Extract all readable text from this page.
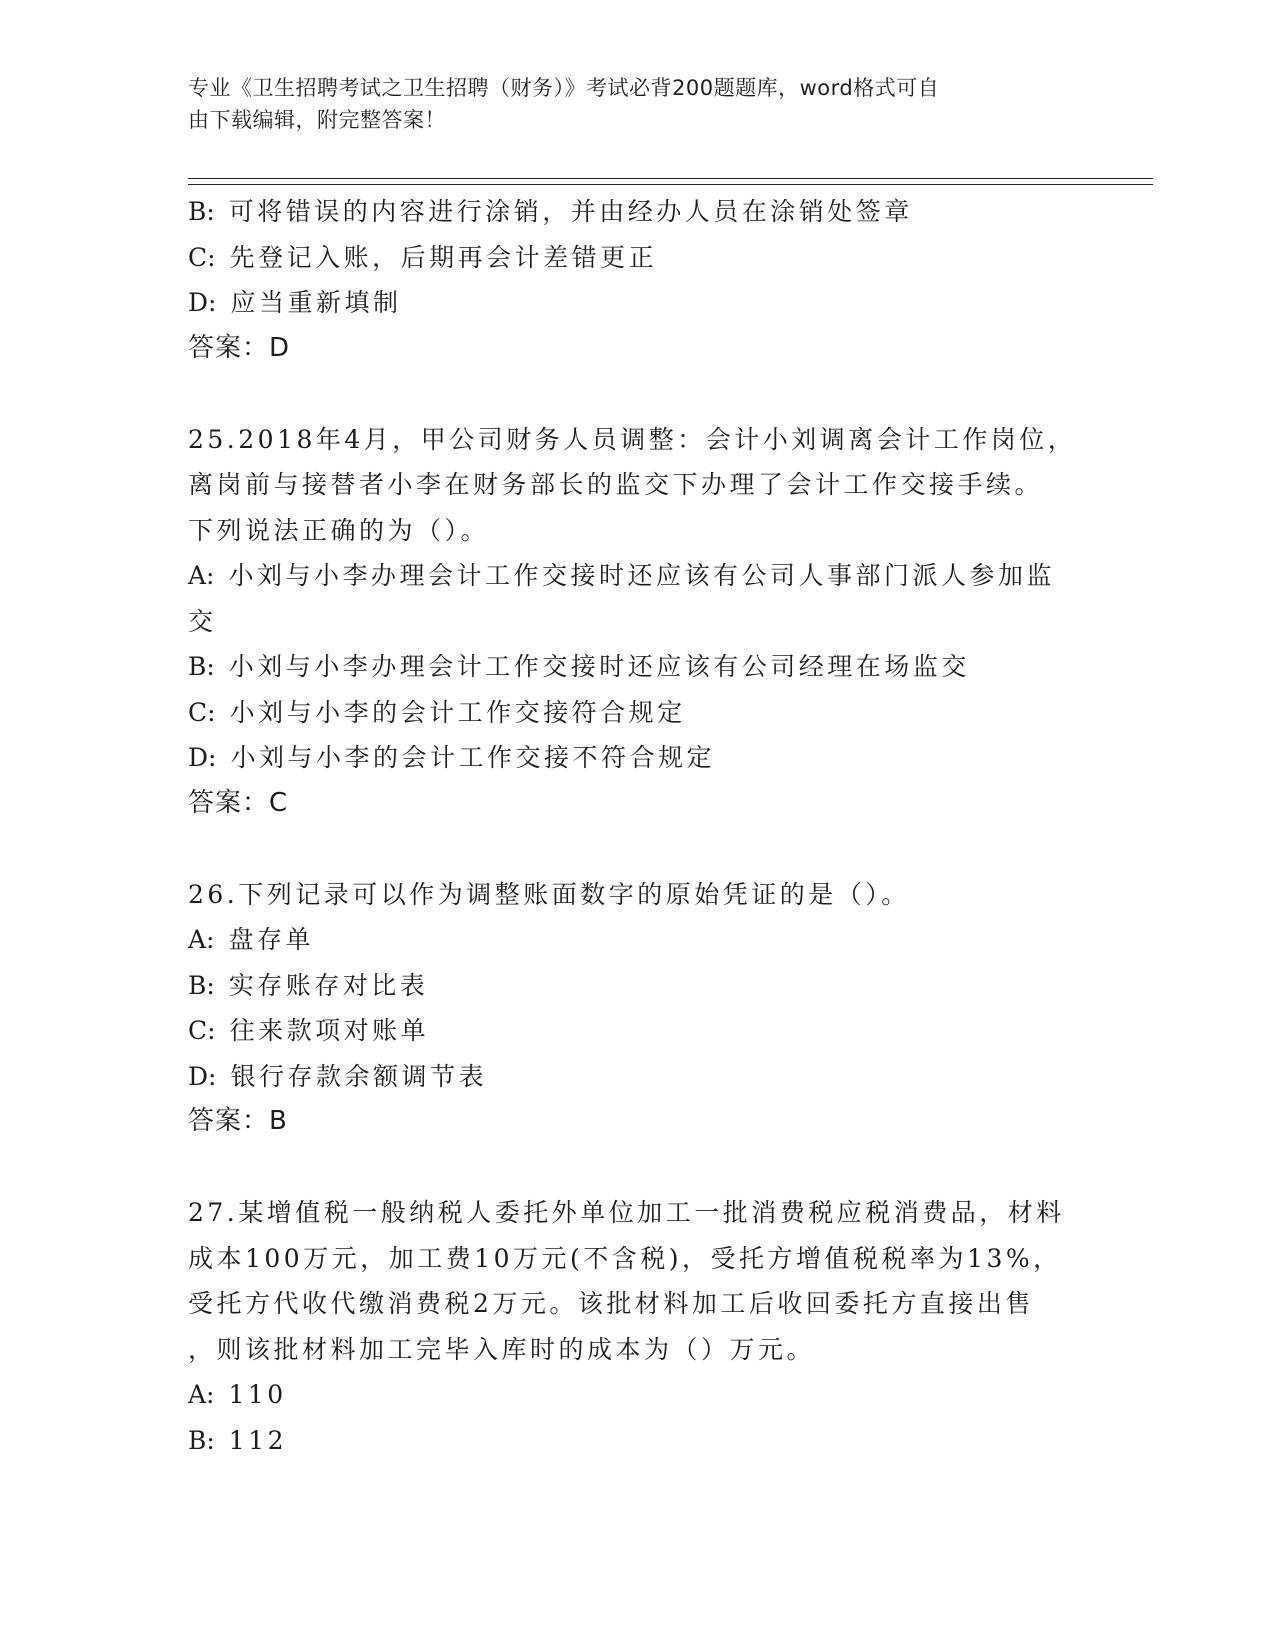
专业《卫生招聘考试之卫生招聘（财务）》考试必背200题题库，word格式可自
由下载编辑，附完整答案！

B: 可将错误的内容进行涂销，并由经办人员在涂销处签章

C: 先登记入账，后期再会计差错更正

D: 应当重新填制

答案：D

25.2018年4月，甲公司财务人员调整：会计小刘调离会计工作岗位，

离岗前与接替者小李在财务部长的监交下办理了会计工作交接手续。

下列说法正确的为（）。

A: 小刘与小李办理会计工作交接时还应该有公司人事部门派人参加监

交

B: 小刘与小李办理会计工作交接时还应该有公司经理在场监交

C: 小刘与小李的会计工作交接符合规定

D: 小刘与小李的会计工作交接不符合规定

答案：C

26.下列记录可以作为调整账面数字的原始凭证的是（）。

A: 盘存单

B: 实存账存对比表

C: 往来款项对账单

D: 银行存款余额调节表

答案：B

27.某增值税一般纳税人委托外单位加工一批消费税应税消费品，材料

成本100万元，加工费10万元(不含税)，受托方增值税税率为13%，

受托方代收代缴消费税2万元。该批材料加工后收回委托方直接出售

，则该批材料加工完毕入库时的成本为（）万元。

A: 110

B: 112
